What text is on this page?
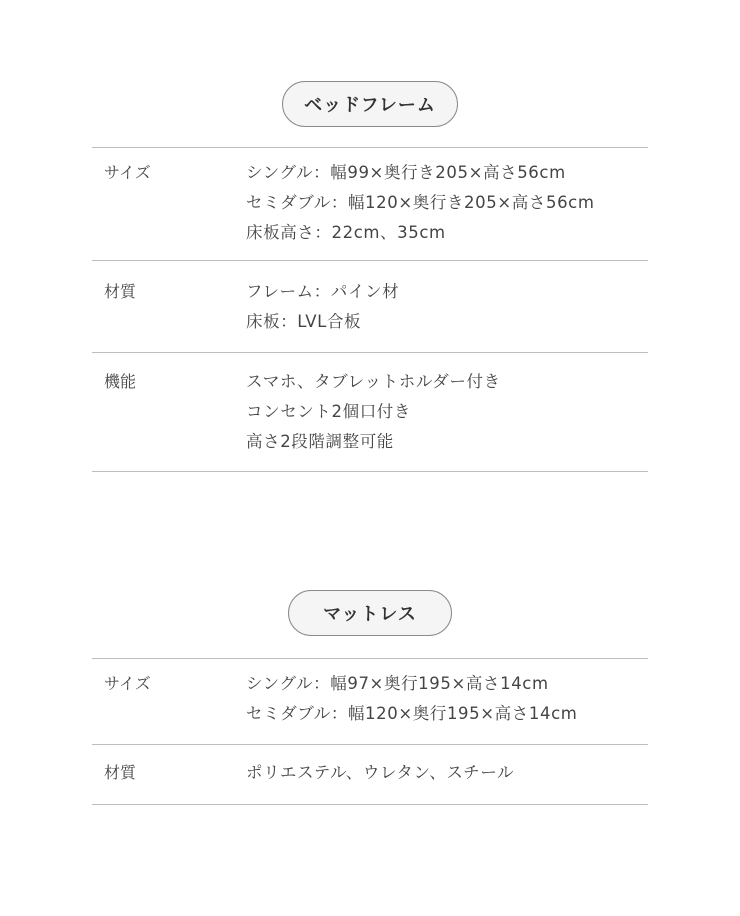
ベッドフレーム
サイズ	シングル：幅99×奥行き205×高さ56cm
セミダブル：幅120×奥行き205×高さ56cm
床板高さ：22cm、35cm
材質	フレーム：パイン材
床板：LVL合板
機能	スマホ、タブレットホルダー付き
コンセント2個口付き
高さ2段階調整可能
マットレス
サイズ	シングル：幅97×奥行195×高さ14cm
セミダブル：幅120×奥行195×高さ14cm
材質	ポリエステル、ウレタン、スチール
